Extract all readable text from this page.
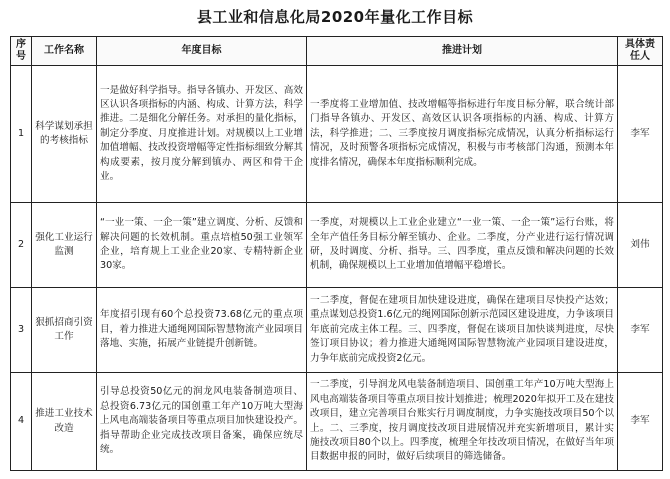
县工业和信息化局2020年量化工作目标
序号	工作名称	年度目标	推进计划	具体责任人
1	科学谋划承担的考核指标	一是做好科学指导。指导各镇办、开发区、高效区认识各项指标的内涵、构成、计算方法，科学推进。二是细化分解任务。对承担的量化指标，制定分季度、月度推进计划。对规模以上工业增加值增幅、技改投资增幅等定性指标细致分解其构成要素，按月度分解到镇办、两区和骨干企业。	一季度将工业增加值、技改增幅等指标进行年度目标分解，联合统计部门指导各镇办、开发区、高效区认识各项指标的内涵、构成、计算方法，科学推进；二、三季度按月调度指标完成情况，认真分析指标运行情况，及时预警各项指标完成情况，积极与市考核部门沟通，预测本年度排名情况，确保本年度指标顺利完成。	李军
2	强化工业运行监测	“一业一策、一企一策”建立调度、分析、反馈和解决问题的长效机制。重点培植50强工业领军企业，培育规上工业企业20家、专精特新企业30家。	一季度，对规模以上工业企业建立“一业一策、一企一策”运行台账，将全年产值任务目标分解至镇办、企业。二季度，分产业进行运行情况调研，及时调度、分析、指导。三、四季度，重点反馈和解决问题的长效机制，确保规模以上工业增加值增幅平稳增长。	刘伟
3	狠抓招商引资工作	年度招引现有60个总投资73.68亿元的重点项目，着力推进大通绳网国际智慧物流产业园项目落地、实施，拓展产业链提升创新链。	一二季度，督促在建项目加快建设进度，确保在建项目尽快投产达效；重点谋划总投资1.6亿元的绳网国际创新示范园区建设进度，力争该项目年底前完成主体工程。三、四季度，督促在谈项目加快谈判进度，尽快签订项目协议；着力推进大通绳网国际智慧物流产业园项目建设进度，力争年底前完成投资2亿元。	李军
4	推进工业技术改造	引导总投资50亿元的润龙风电装备制造项目、总投资6.73亿元的国创重工年产10万吨大型海上风电高端装备项目等重点项目加快建设投产。指导帮助企业完成技改项目备案，确保应统尽统。	一二季度，引导润龙风电装备制造项目、国创重工年产10万吨大型海上风电高端装备项目等重点项目按计划推进；梳理2020年拟开工及在建技改项目，建立完善项目台账实行月调度制度，力争实施技改项目50个以上。二、三季度，按月调度技改项目进展情况并充实新增项目，累计实施技改项目80个以上。四季度，梳理全年技改项目情况，在做好当年项目数据申报的同时，做好后续项目的筛选储备。	李军
